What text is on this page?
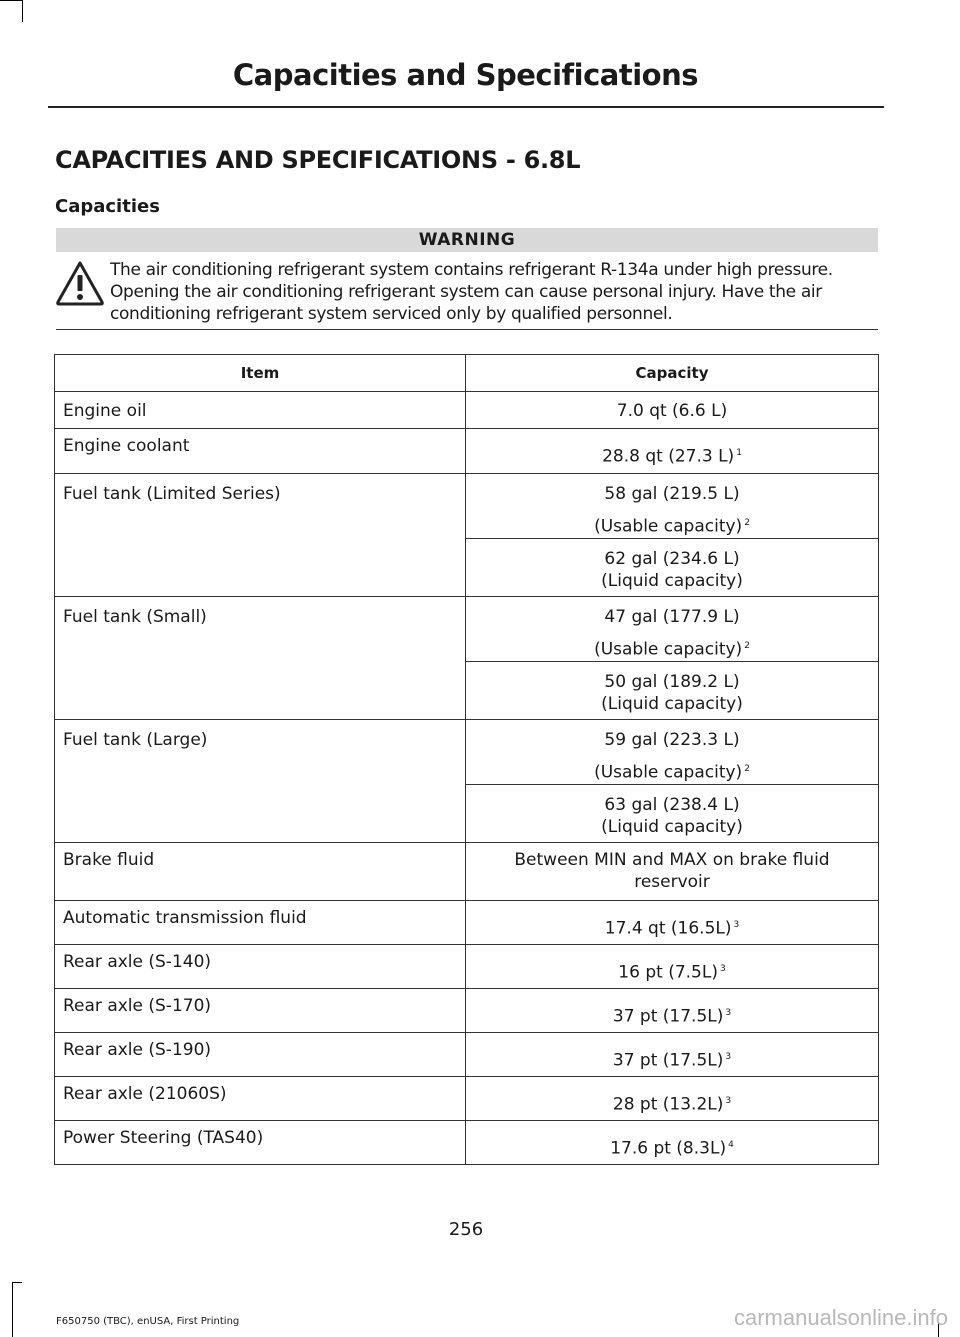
Capacities and Specifications
CAPACITIES AND SPECIFICATIONS - 6.8L
Capacities
WARNING
The air conditioning refrigerant system contains refrigerant R-134a under high pressure. Opening the air conditioning refrigerant system can cause personal injury. Have the air conditioning refrigerant system serviced only by qualified personnel.
Item	Capacity
Engine oil	7.0 qt (6.6 L)
Engine coolant	28.8 qt (27.3 L) $^1$
Fuel tank (Limited Series)	58 gal (219.5 L)
(Usable capacity) $^2$

	62 gal (234.6 L)
(Liquid capacity)

Fuel tank (Small)	47 gal (177.9 L)
(Usable capacity) $^2$

	50 gal (189.2 L)
(Liquid capacity)

Fuel tank (Large)	59 gal (223.3 L)
(Usable capacity) $^2$

	63 gal (238.4 L)
(Liquid capacity)

Brake fluid	Between MIN and MAX on brake fluid
reservoir

Automatic transmission fluid	17.4 qt (16.5L) $^3$
Rear axle (S-140)	16 pt (7.5L) $^3$
Rear axle (S-170)	37 pt (17.5L) $^3$
Rear axle (S-190)	37 pt (17.5L) $^3$
Rear axle (21060S)	28 pt (13.2L) $^3$
Power Steering (TAS40)	17.6 pt (8.3L) $^4$
256
F650750 (TBC), enUSA, First Printing	carmanualsonline.info
